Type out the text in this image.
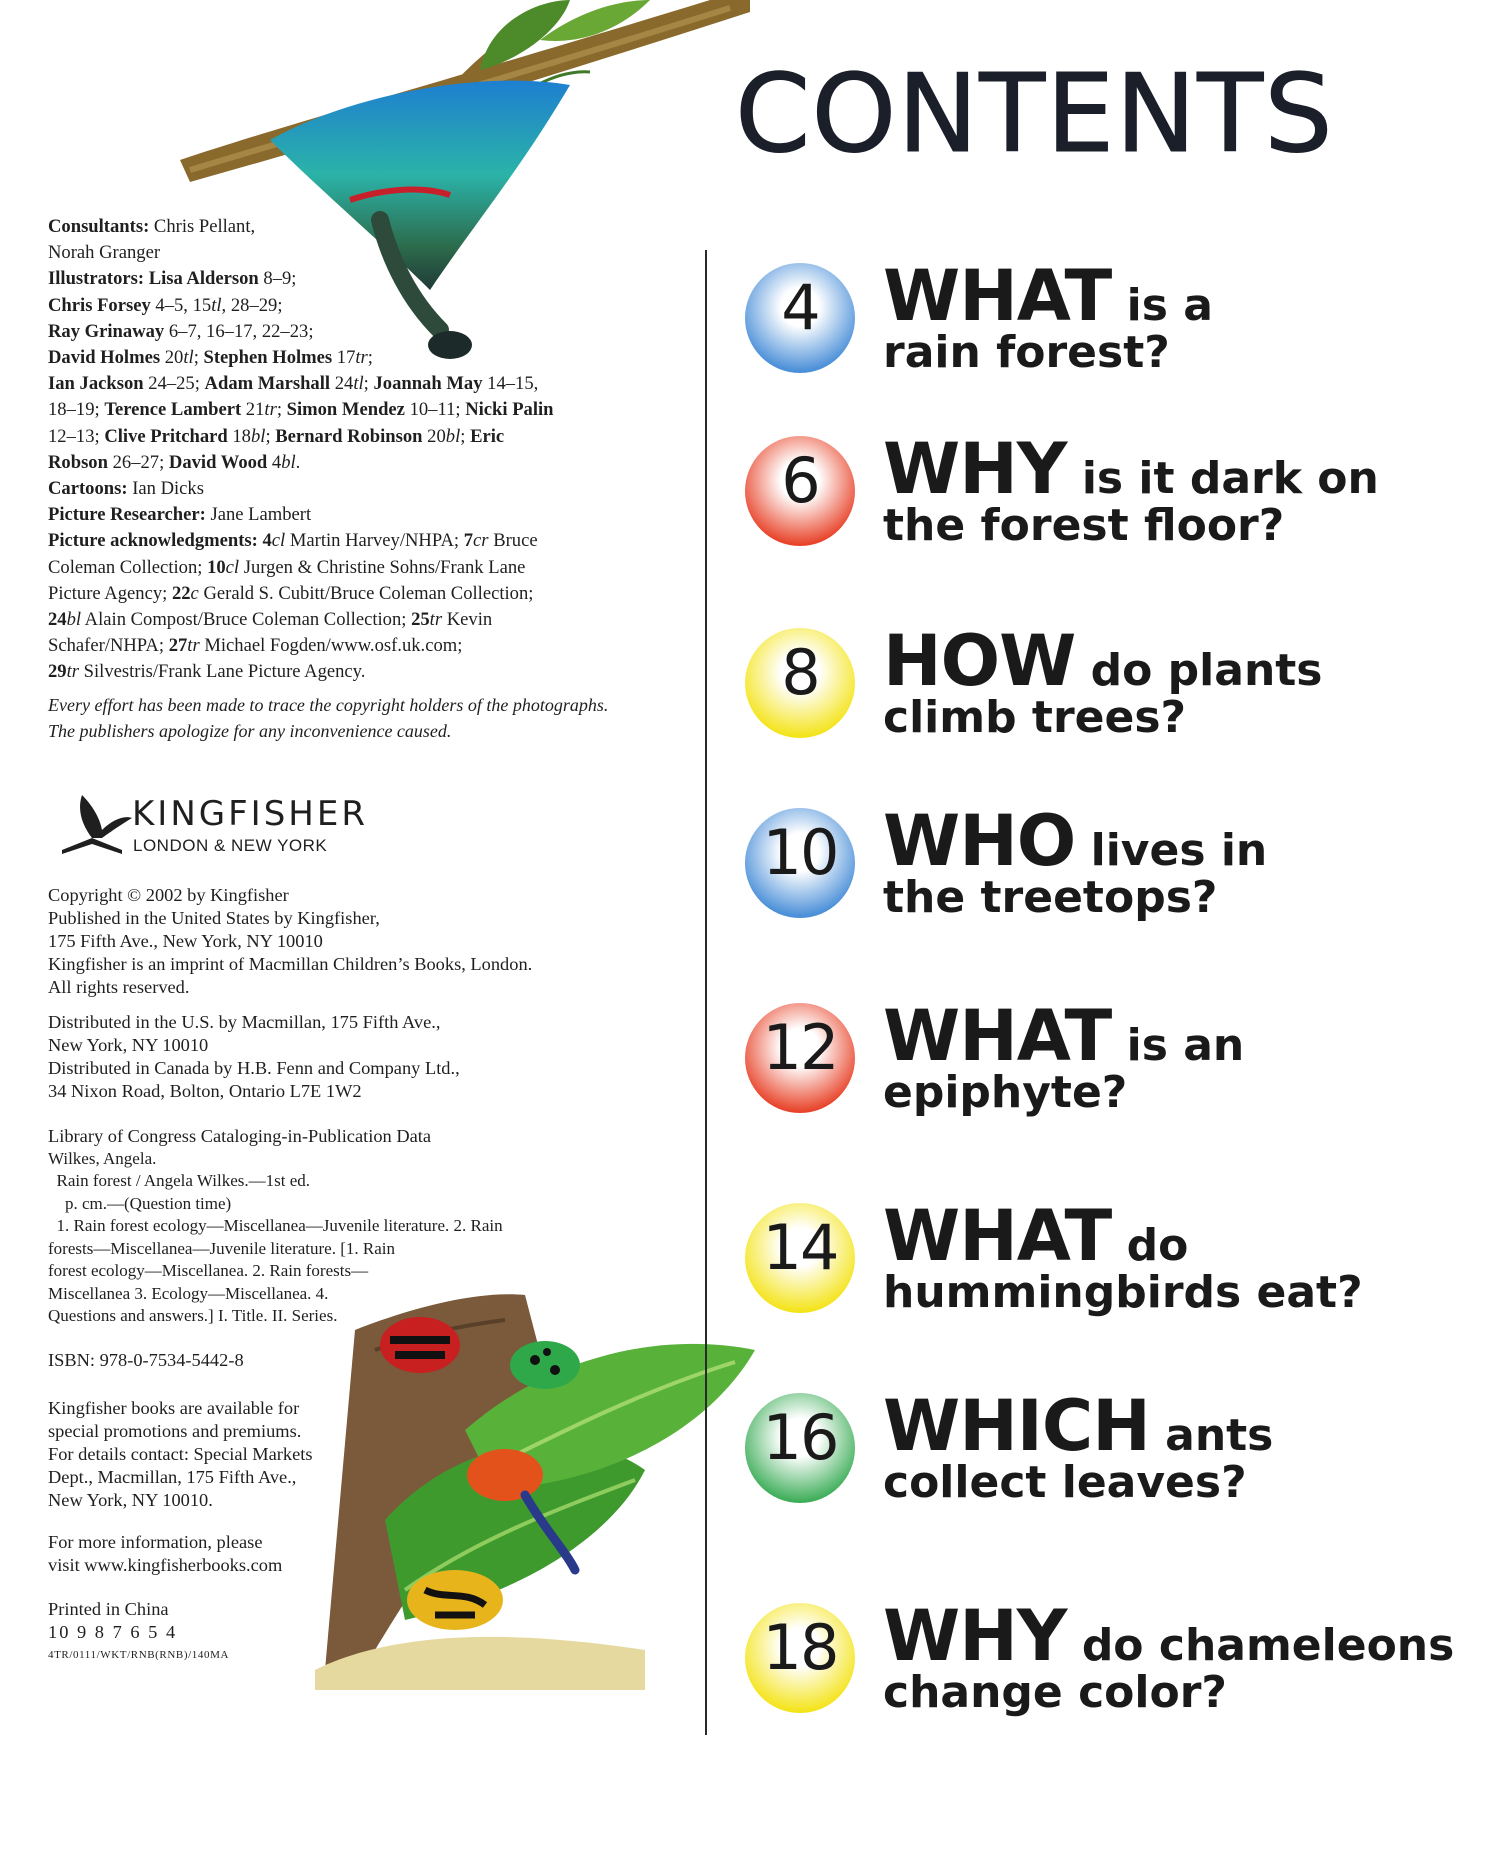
Consultants: Chris Pellant,
Norah Granger
Illustrators: Lisa Alderson 8–9;
Chris Forsey 4–5, 15tl, 28–29;
Ray Grinaway 6–7, 16–17, 22–23;
David Holmes 20tl; Stephen Holmes 17tr;
Ian Jackson 24–25; Adam Marshall 24tl; Joannah May 14–15,
18–19; Terence Lambert 21tr; Simon Mendez 10–11; Nicki Palin
12–13; Clive Pritchard 18bl; Bernard Robinson 20bl; Eric
Robson 26–27; David Wood 4bl.
Cartoons: Ian Dicks
Picture Researcher: Jane Lambert
Picture acknowledgments: 4cl Martin Harvey/NHPA; 7cr Bruce
Coleman Collection; 10cl Jurgen & Christine Sohns/Frank Lane
Picture Agency; 22c Gerald S. Cubitt/Bruce Coleman Collection;
24bl Alain Compost/Bruce Coleman Collection; 25tr Kevin
Schafer/NHPA; 27tr Michael Fogden/www.osf.uk.com;
29tr Silvestris/Frank Lane Picture Agency.
Every effort has been made to trace the copyright holders of the photographs.
The publishers apologize for any inconvenience caused.
KINGFISHER
LONDON & NEW YORK
Copyright © 2002 by Kingfisher
Published in the United States by Kingfisher,
175 Fifth Ave., New York, NY 10010
Kingfisher is an imprint of Macmillan Children’s Books, London.
All rights reserved.
Distributed in the U.S. by Macmillan, 175 Fifth Ave.,
New York, NY 10010
Distributed in Canada by H.B. Fenn and Company Ltd.,
34 Nixon Road, Bolton, Ontario L7E 1W2
Library of Congress Cataloging-in-Publication Data
Wilkes, Angela.
Rain forest / Angela Wilkes.—1st ed.
p. cm.—(Question time)
1. Rain forest ecology—Miscellanea—Juvenile literature. 2. Rain
forests—Miscellanea—Juvenile literature. [1. Rain
forest ecology—Miscellanea. 2. Rain forests—
Miscellanea 3. Ecology—Miscellanea. 4.
Questions and answers.] I. Title. II. Series.
ISBN: 978-0-7534-5442-8
Kingfisher books are available for
special promotions and premiums.
For details contact: Special Markets
Dept., Macmillan, 175 Fifth Ave.,
New York, NY 10010.
For more information, please
visit www.kingfisherbooks.com
Printed in China
10 9 8 7 6 5 4
4TR/0111/WKT/RNB(RNB)/140MA
CONTENTS
4 WHAT is a
rain forest?
6 WHY is it dark on
the forest floor?
8 HOW do plants
climb trees?
10 WHO lives in
the treetops?
12 WHAT is an
epiphyte?
14 WHAT do
hummingbirds eat?
16 WHICH ants
collect leaves?
18 WHY do chameleons
change color?
